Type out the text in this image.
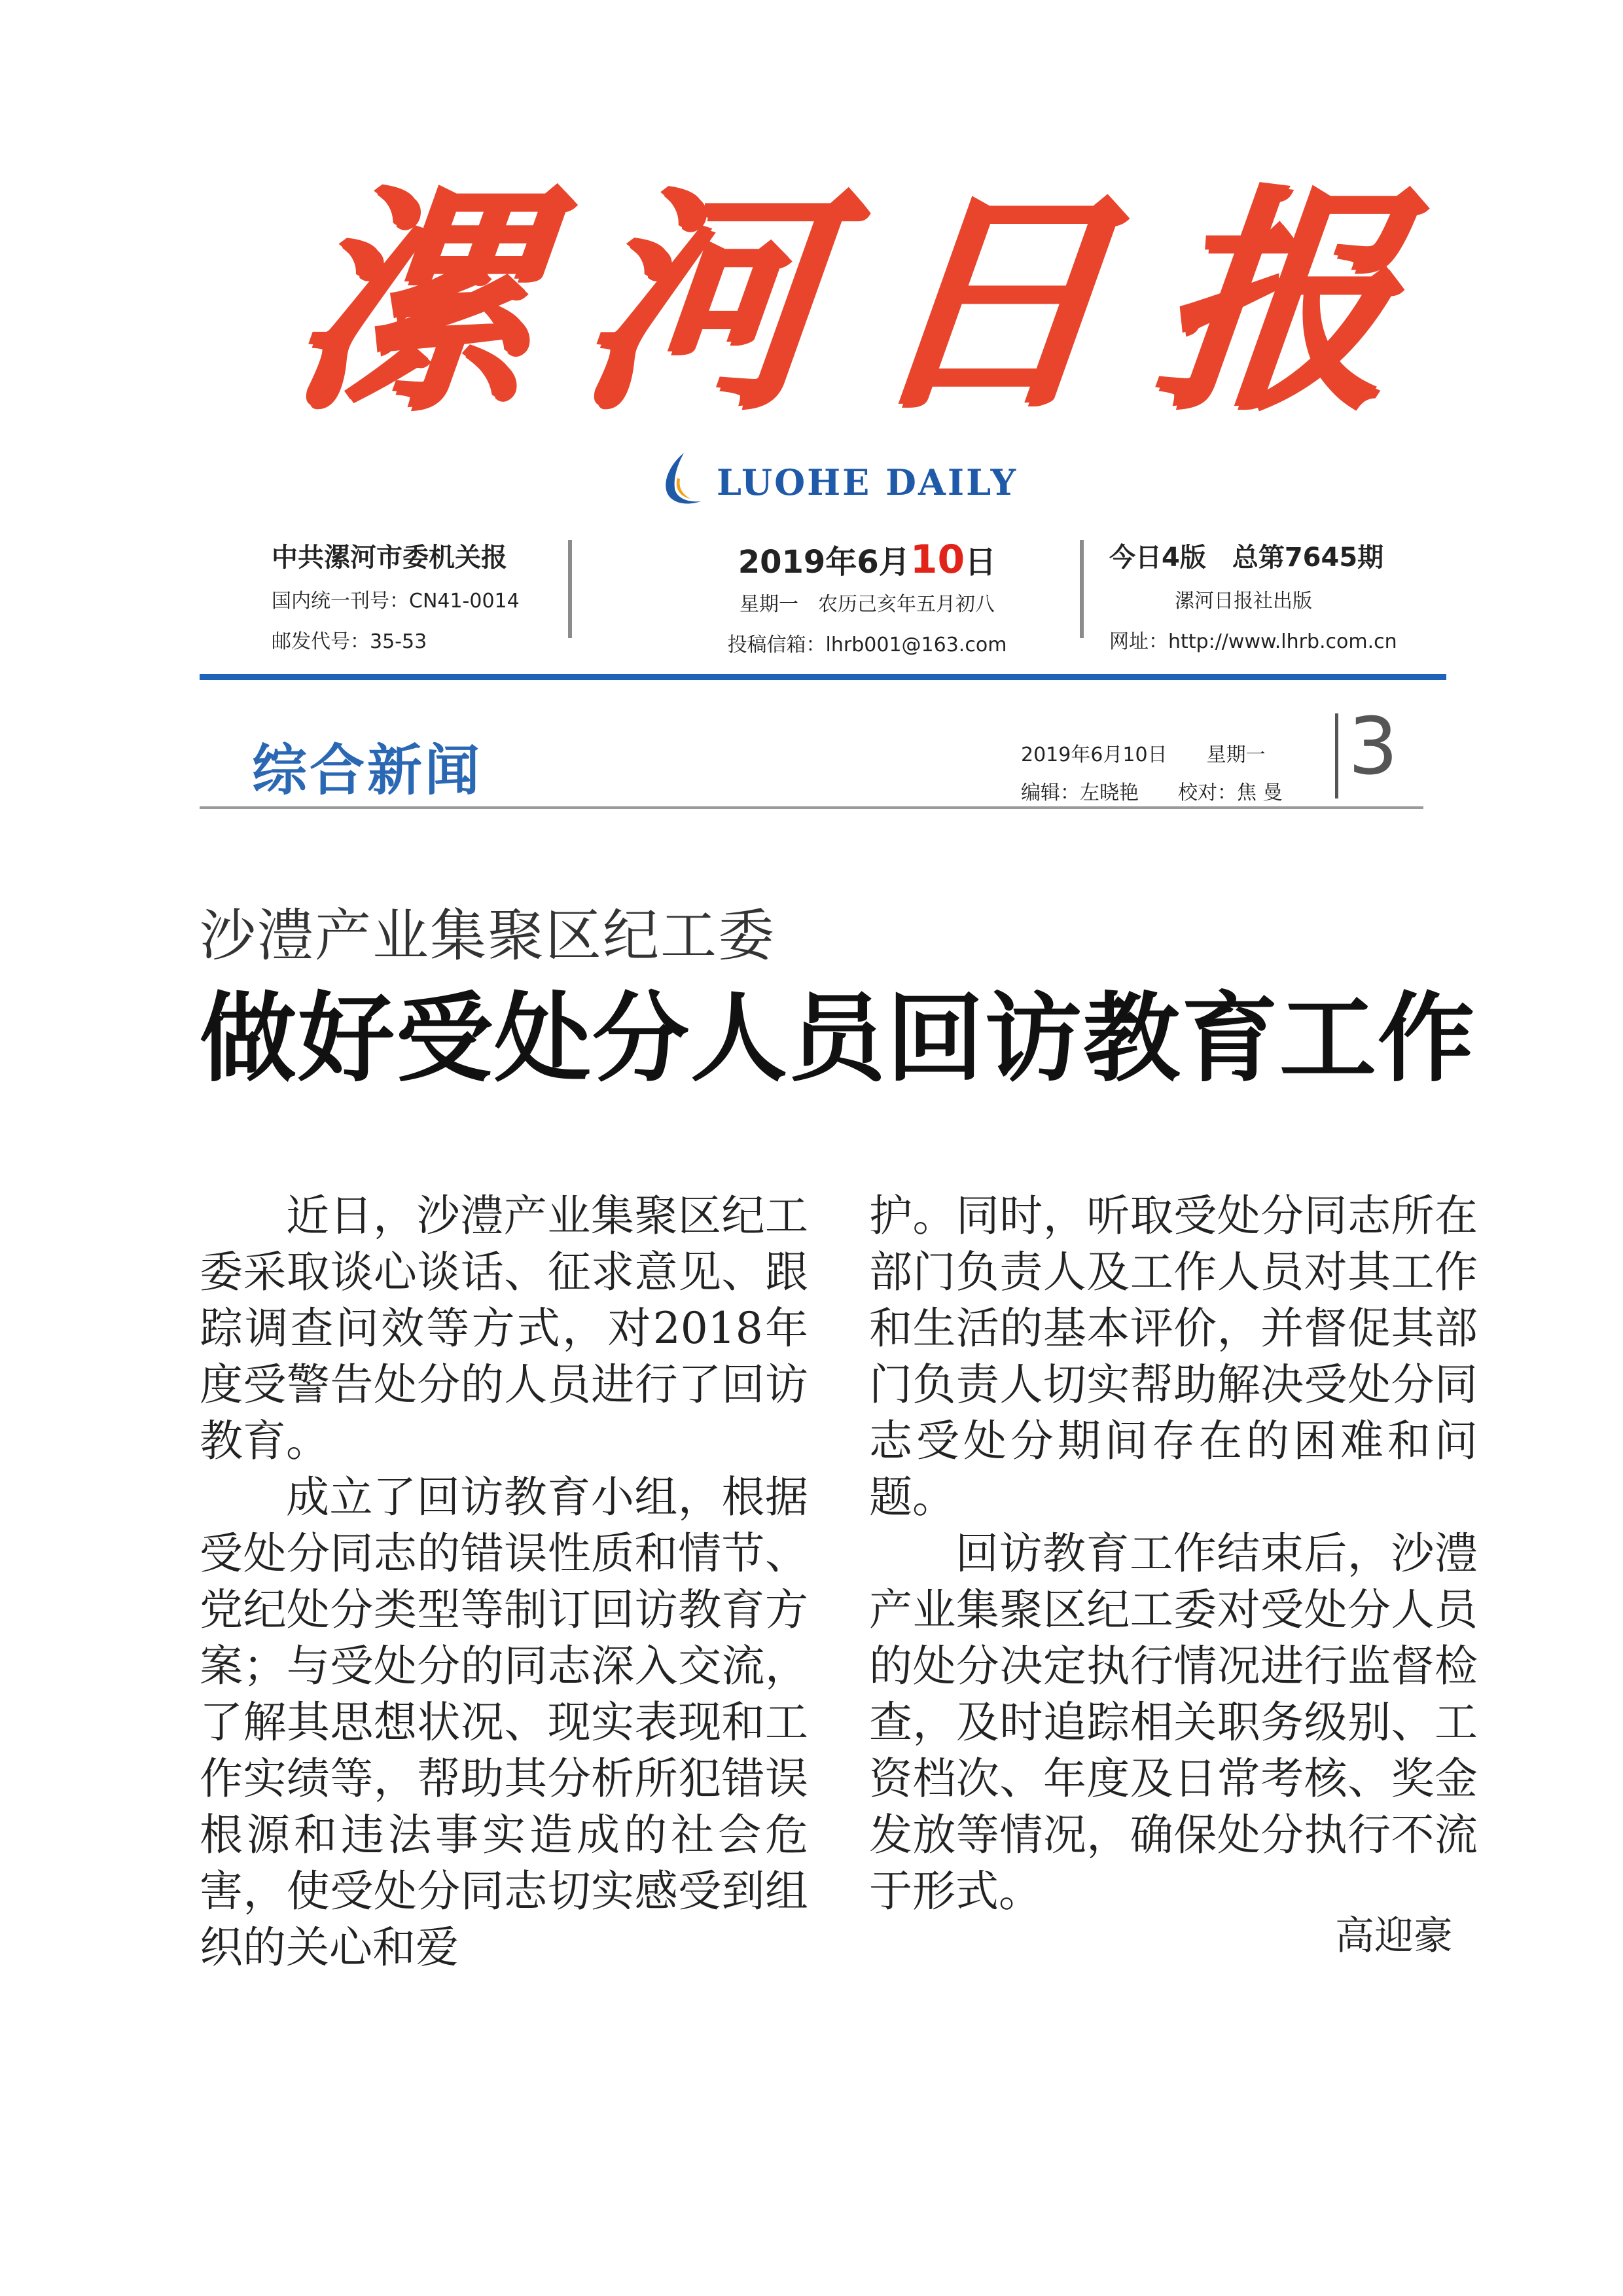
漯 河 日 报
LUOHE DAILY
中共漯河市委机关报
国内统一刊号：CN41-0014
邮发代号：35-53
2019年6月10日
星期一　农历己亥年五月初八
投稿信箱：lhrb001@163.com
今日4版　总第7645期
漯河日报社出版
网址：http://www.lhrb.com.cn
综合新闻	2019年6月10日 星期一
编辑：左晓艳 校对：焦 曼
3
沙澧产业集聚区纪工委
做好受处分人员回访教育工作

近日，沙澧产业集聚区纪工委采取谈心谈话、征求意见、跟踪调查问效等方式，对2018年度受警告处分的人员进行了回访教育。

成立了回访教育小组，根据受处分同志的错误性质和情节、党纪处分类型等制订回访教育方案；与受处分的同志深入交流，了解其思想状况、现实表现和工作实绩等，帮助其分析所犯错误根源和违法事实造成的社会危害，使受处分同志切实感受到组织的关心和爱

护。同时，听取受处分同志所在部门负责人及工作人员对其工作和生活的基本评价，并督促其部门负责人切实帮助解决受处分同志受处分期间存在的困难和问题。

回访教育工作结束后，沙澧产业集聚区纪工委对受处分人员的处分决定执行情况进行监督检查，及时追踪相关职务级别、工资档次、年度及日常考核、奖金发放等情况，确保处分执行不流于形式。

高迎豪
